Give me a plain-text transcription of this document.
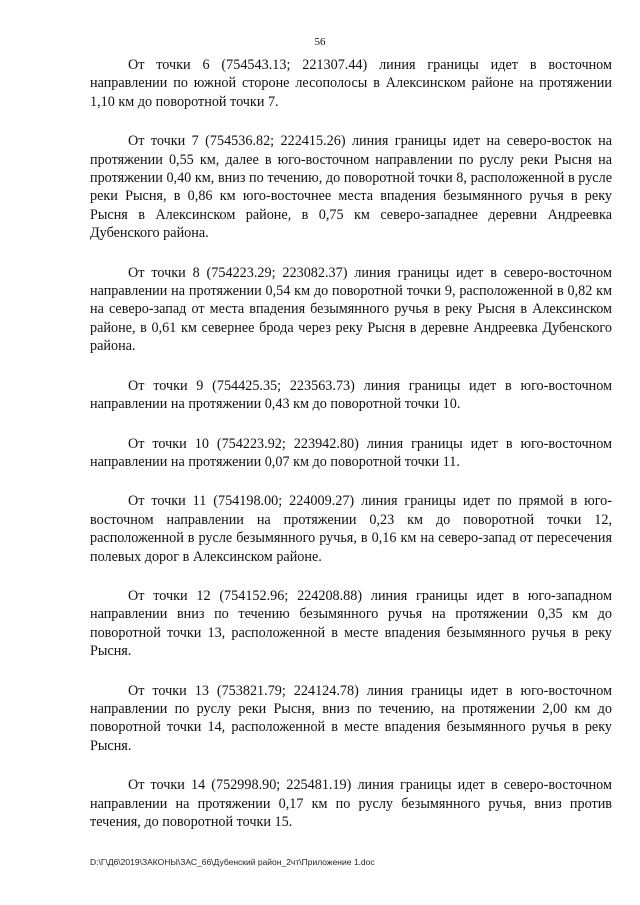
56

От точки 6 (754543.13; 221307.44) линия границы идет в восточном направлении по южной стороне лесополосы в Алексинском районе на протяжении 1,10 км до поворотной точки 7.

От точки 7 (754536.82; 222415.26) линия границы идет на северо-восток на протяжении 0,55 км, далее в юго-восточном направлении по руслу реки Рысня на протяжении 0,40 км, вниз по течению, до поворотной точки 8, расположенной в русле реки Рысня, в 0,86 км юго-восточнее места впадения безымянного ручья в реку Рысня в Алексинском районе, в 0,75 км северо-западнее деревни Андреевка Дубенского района.

От точки 8 (754223.29; 223082.37) линия границы идет в северо-восточном направлении на протяжении 0,54 км до поворотной точки 9, расположенной в 0,82 км на северо-запад от места впадения безымянного ручья в реку Рысня в Алексинском районе, в 0,61 км севернее брода через реку Рысня в деревне Андреевка Дубенского района.

От точки 9 (754425.35; 223563.73) линия границы идет в юго-восточном направлении на протяжении 0,43 км до поворотной точки 10.

От точки 10 (754223.92; 223942.80) линия границы идет в юго-восточном направлении на протяжении 0,07 км до поворотной точки 11.

От точки 11 (754198.00; 224009.27) линия границы идет по прямой в юго-восточном направлении на протяжении 0,23 км до поворотной точки 12, расположенной в русле безымянного ручья, в 0,16 км на северо-запад от пересечения полевых дорог в Алексинском районе.

От точки 12 (754152.96; 224208.88) линия границы идет в юго-западном направлении вниз по течению безымянного ручья на протяжении 0,35 км до поворотной точки 13, расположенной в месте впадения безымянного ручья в реку Рысня.

От точки 13 (753821.79; 224124.78) линия границы идет в юго-восточном направлении по руслу реки Рысня, вниз по течению, на протяжении 2,00 км до поворотной точки 14, расположенной в месте впадения безымянного ручья в реку Рысня.

От точки 14 (752998.90; 225481.19) линия границы идет в северо-восточном направлении на протяжении 0,17 км по руслу безымянного ручья, вниз против течения, до поворотной точки 15.

D:\Г\Д6\2019\ЗАКОНЫ\ЗАС_66\Дубенский район_2чт\Приложение 1.doc
